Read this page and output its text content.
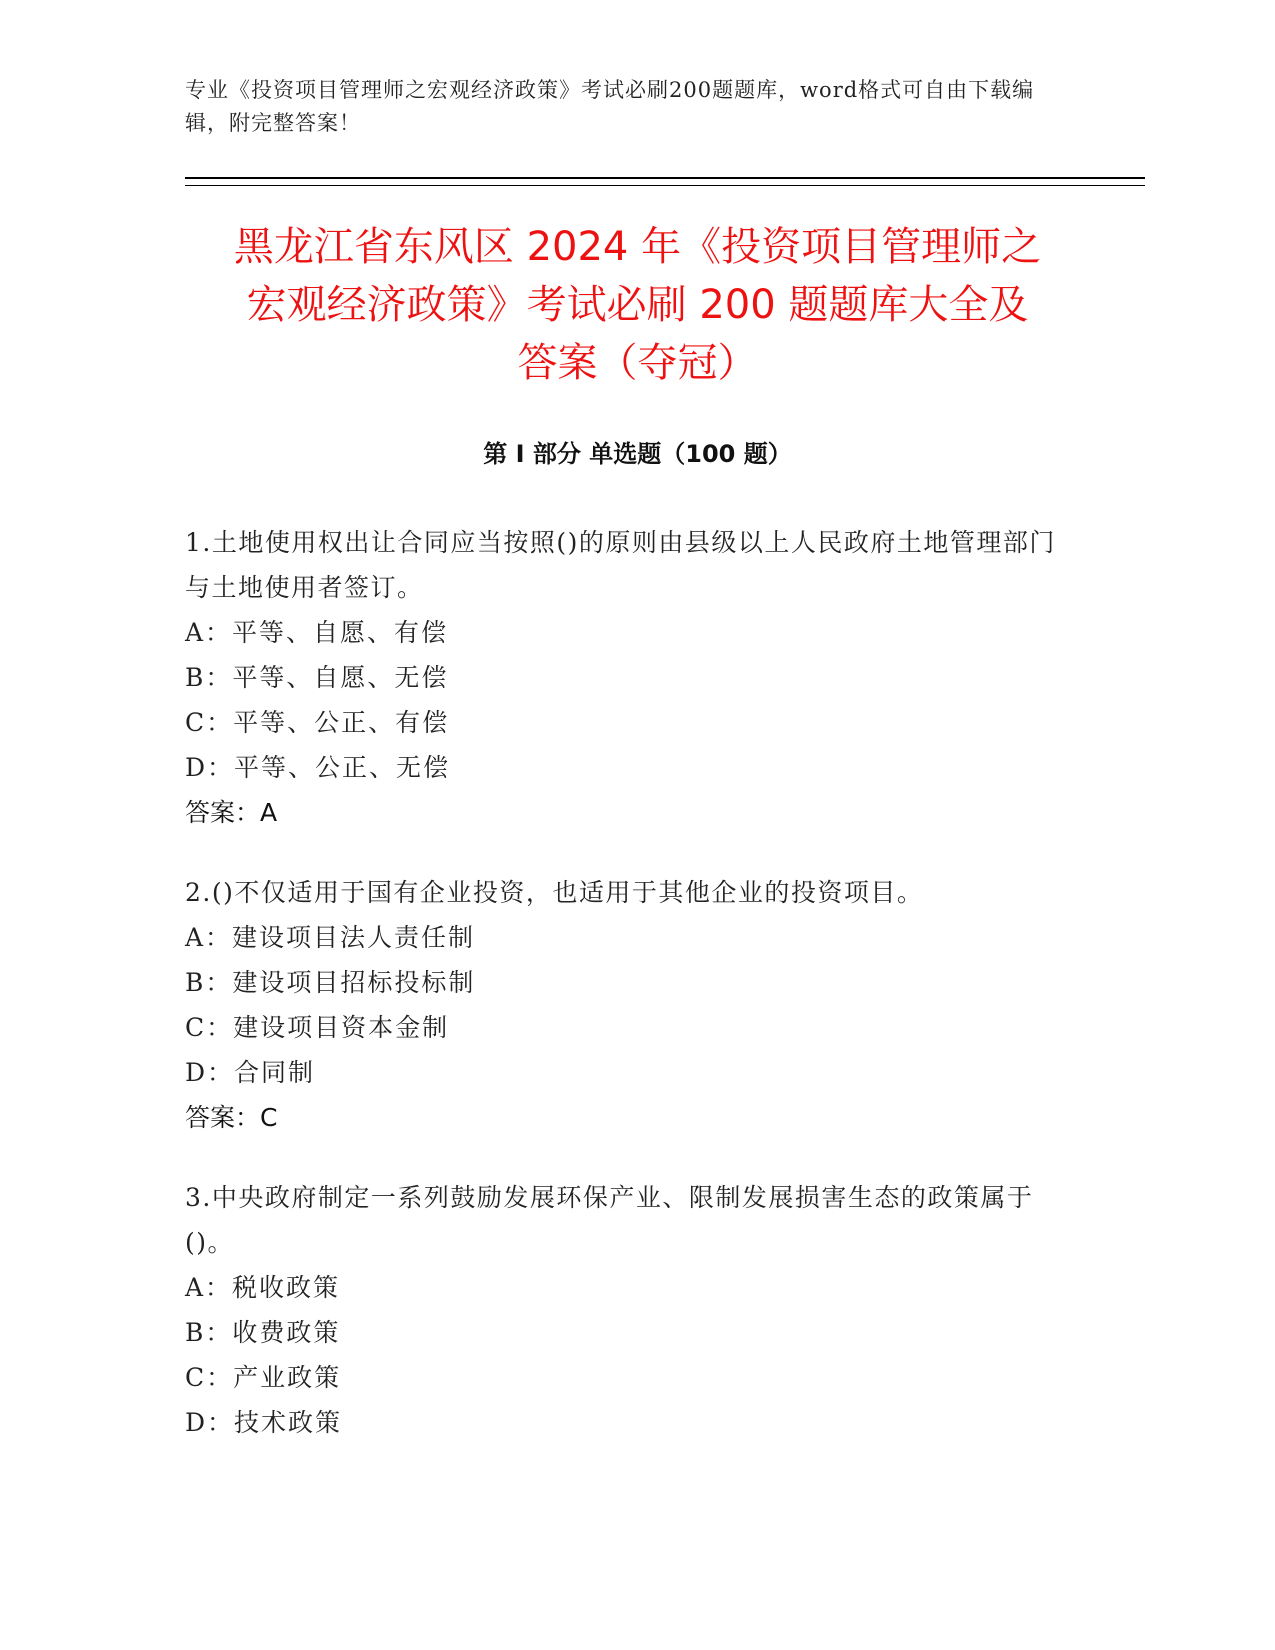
专业《投资项目管理师之宏观经济政策》考试必刷200题题库，word格式可自由下载编辑，附完整答案！
黑龙江省东风区 2024 年《投资项目管理师之
宏观经济政策》考试必刷 200 题题库大全及
答案（夺冠）
第 I 部分 单选题（100 题）

1.土地使用权出让合同应当按照()的原则由县级以上人民政府土地管理部门与土地使用者签订。

A：平等、自愿、有偿

B：平等、自愿、无偿

C：平等、公正、有偿

D：平等、公正、无偿

答案：A

2.()不仅适用于国有企业投资，也适用于其他企业的投资项目。

A：建设项目法人责任制

B：建设项目招标投标制

C：建设项目资本金制

D：合同制

答案：C

3.中央政府制定一系列鼓励发展环保产业、限制发展损害生态的政策属于()。

A：税收政策

B：收费政策

C：产业政策

D：技术政策
